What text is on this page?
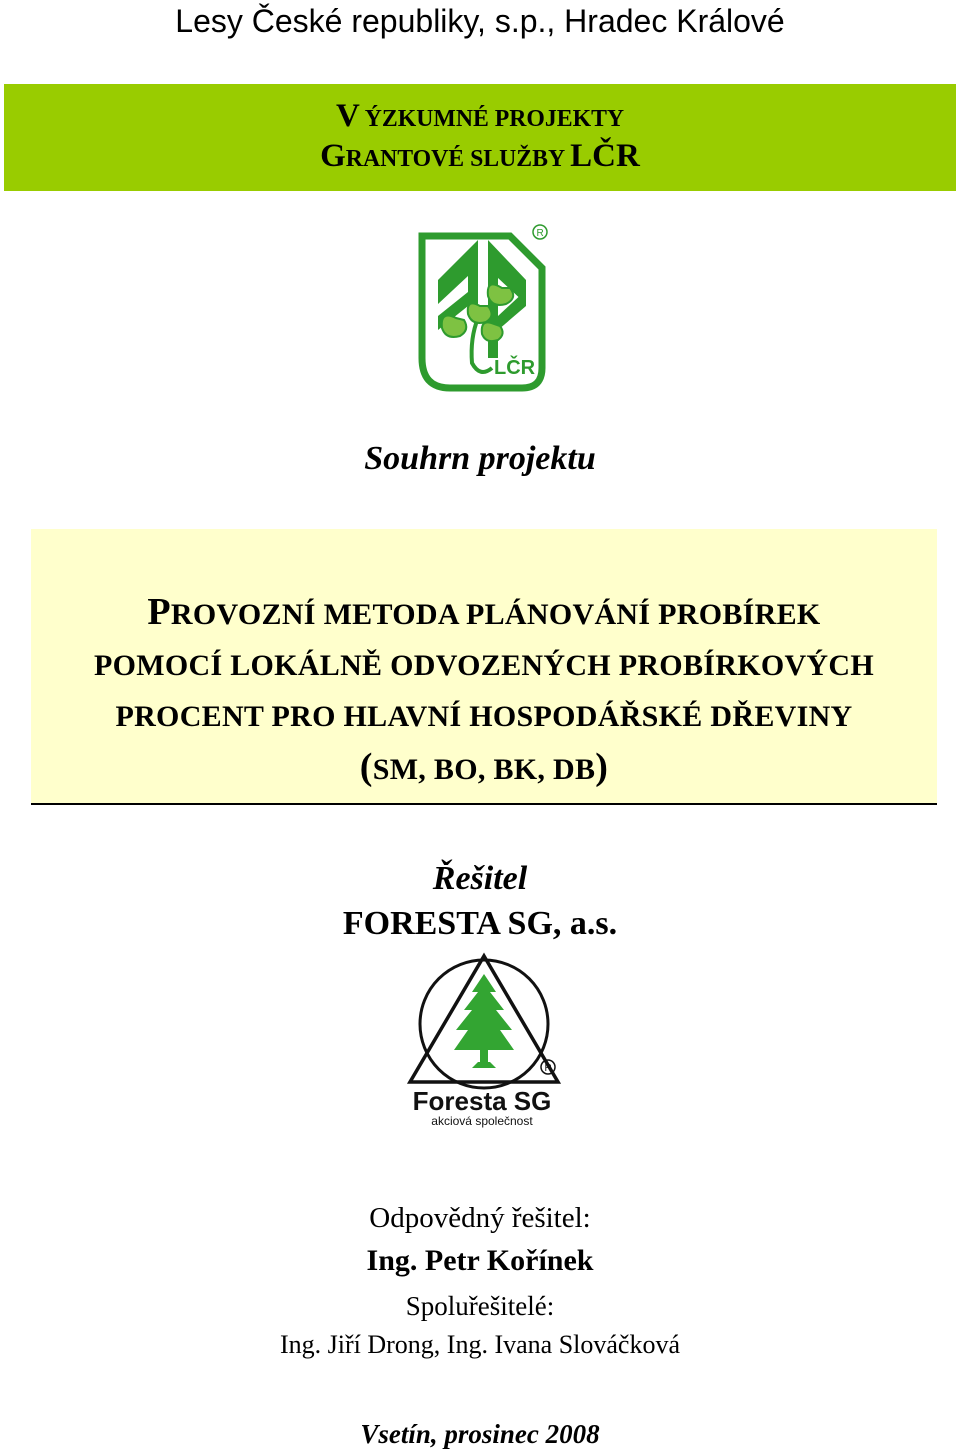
Lesy České republiky, s.p., Hradec Králové
VÝZKUMNÉ PROJEKTY
GRANTOVÉ SLUŽBY LČR
LČR
R
Souhrn projektu
PROVOZNÍ METODA PLÁNOVÁNÍ PROBÍREK
POMOCÍ LOKÁLNĚ ODVOZENÝCH PROBÍRKOVÝCH
PROCENT PRO HLAVNÍ HOSPODÁŘSKÉ DŘEVINY
(SM, BO, BK, DB)
Řešitel
FORESTA SG, a.s.
R
Foresta SG
akciová společnost
Odpovědný řešitel:
Ing. Petr Kořínek
Spoluřešitelé:
Ing. Jiří Drong, Ing. Ivana Slováčková
Vsetín, prosinec 2008
